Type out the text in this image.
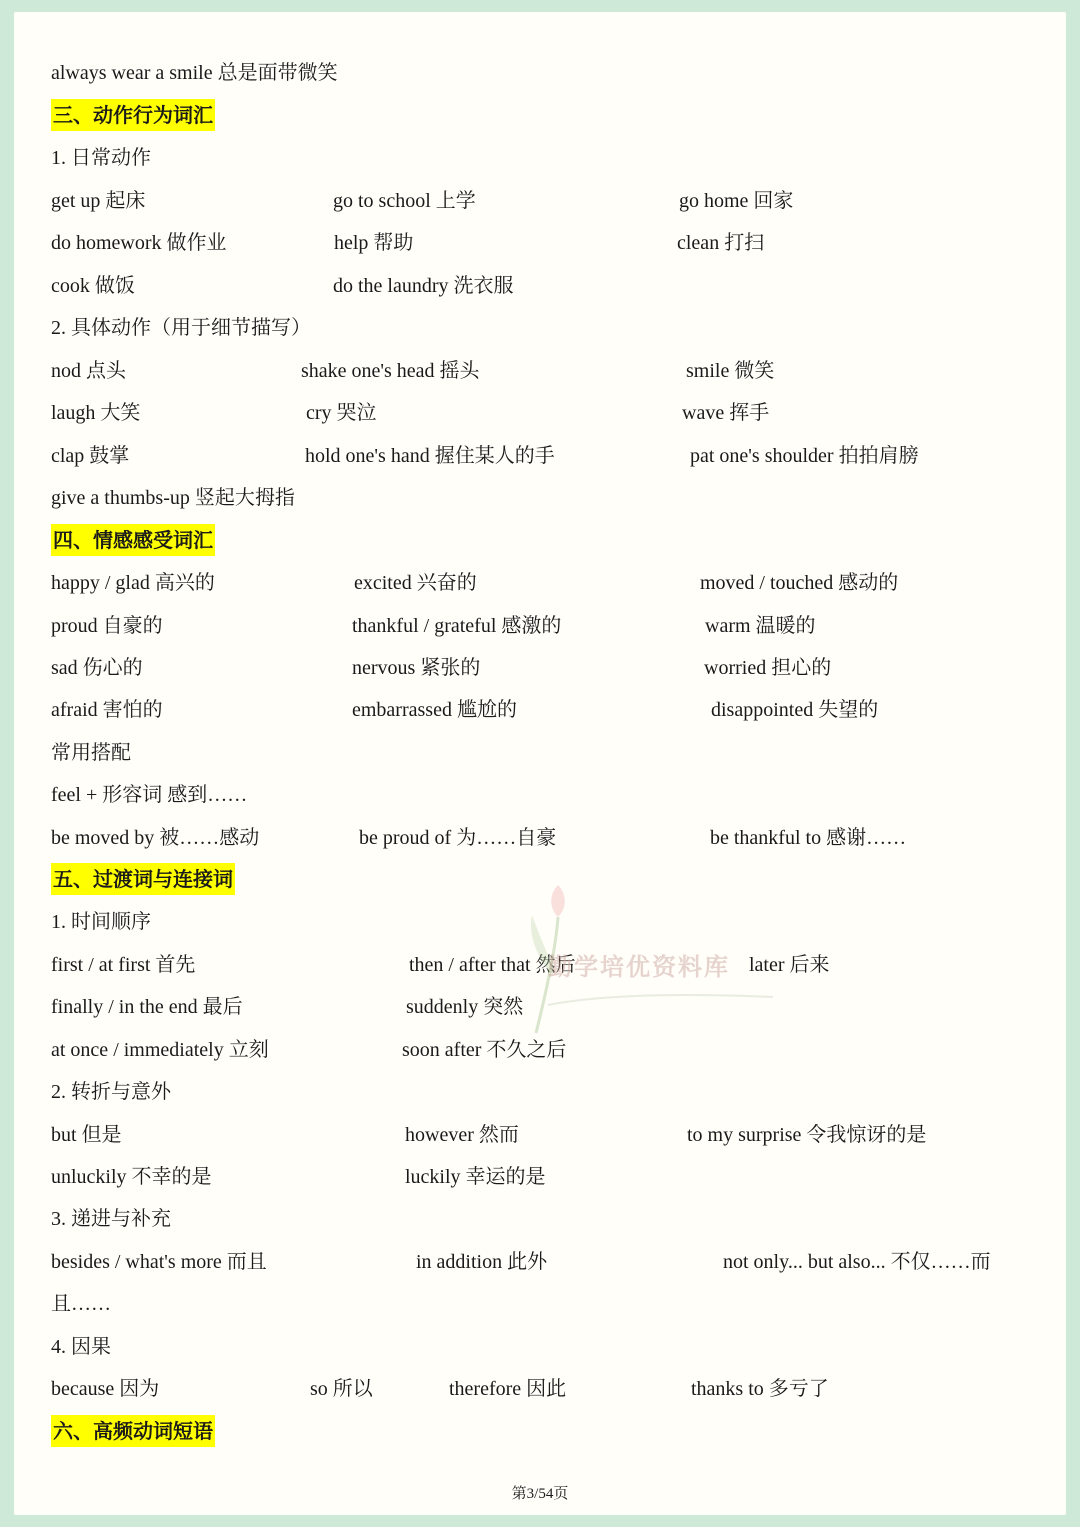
always wear a smile 总是面带微笑
三、动作行为词汇
1. 日常动作
get up 起床	go to school 上学	go home 回家
do homework 做作业	help 帮助	clean 打扫
cook 做饭	do the laundry 洗衣服
2. 具体动作（用于细节描写）
nod 点头	shake one's head 摇头	smile 微笑
laugh 大笑	cry 哭泣	wave 挥手
clap 鼓掌	hold one's hand 握住某人的手	pat one's shoulder 拍拍肩膀
give a thumbs-up 竖起大拇指
四、情感感受词汇
happy / glad 高兴的	excited 兴奋的	moved / touched 感动的
proud 自豪的	thankful / grateful 感激的	warm 温暖的
sad 伤心的	nervous 紧张的	worried 担心的
afraid 害怕的	embarrassed 尴尬的	disappointed 失望的
常用搭配
feel + 形容词 感到……
be moved by 被……感动	be proud of 为……自豪	be thankful to 感谢……
五、过渡词与连接词
1. 时间顺序
first / at first 首先	then / after that 然后	later 后来
finally / in the end 最后	suddenly 突然
at once / immediately 立刻	soon after 不久之后
2. 转折与意外
but 但是	however 然而	to my surprise 令我惊讶的是
unluckily 不幸的是	luckily 幸运的是
3. 递进与补充
besides / what's more 而且	in addition 此外	not only... but also... 不仅……而
且……
4. 因果
because 因为	so 所以	therefore 因此	thanks to 多亏了
六、高频动词短语
勤学培优资料库
第3/54页
